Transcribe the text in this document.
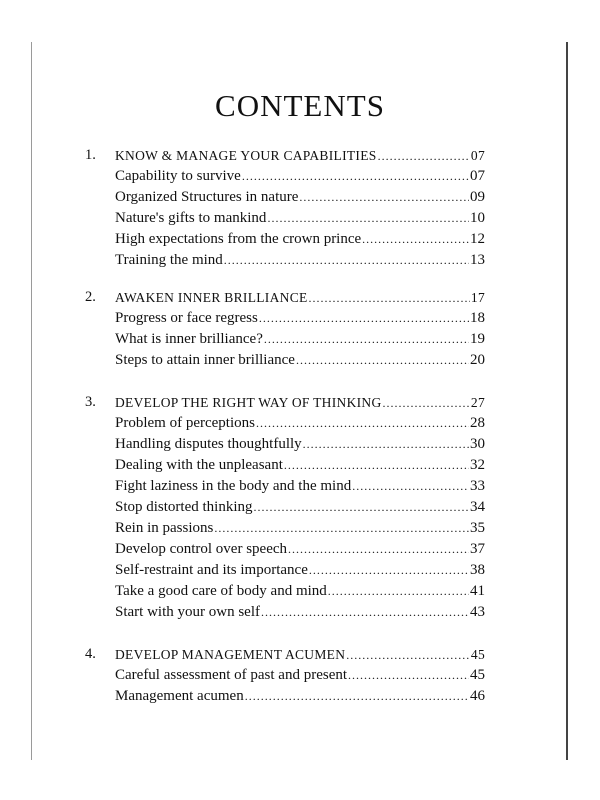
CONTENTS
1. KNOW & MANAGE YOUR CAPABILITIES .....	07
Capability to survive .....	07
Organized Structures in nature .....	09
Nature's gifts to mankind .....	10
High expectations from the crown prince .....	12
Training the mind .....	13
2. AWAKEN INNER BRILLIANCE .....	17
Progress or face regress .....	18
What is inner brilliance? .....	19
Steps to attain inner brilliance .....	20
3. DEVELOP THE RIGHT WAY OF THINKING .....	27
Problem of perceptions .....	28
Handling disputes thoughtfully .....	30
Dealing with the unpleasant .....	32
Fight laziness in the body and the mind .....	33
Stop distorted thinking .....	34
Rein in passions .....	35
Develop control over speech .....	37
Self-restraint and its importance .....	38
Take a good care of body and mind .....	41
Start with your own self .....	43
4. DEVELOP MANAGEMENT ACUMEN .....	45
Careful assessment of past and present .....	45
Management acumen .....	46
